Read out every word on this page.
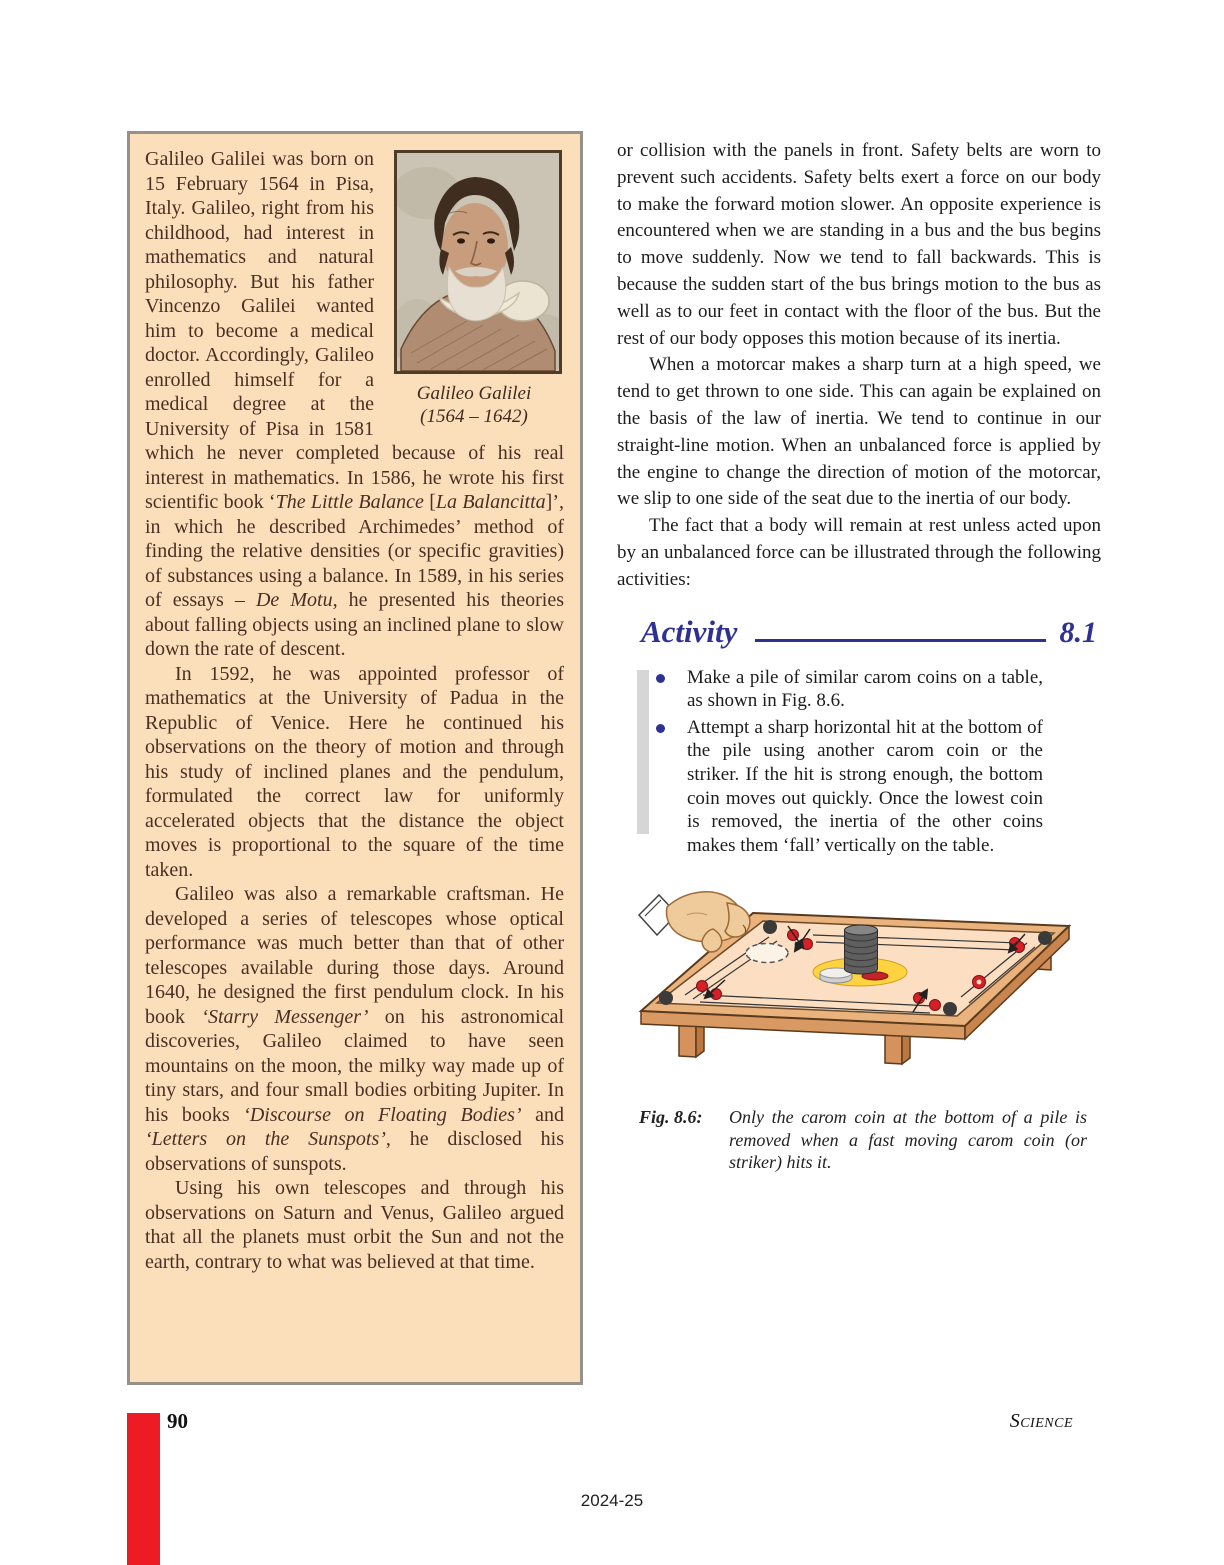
Galileo Galilei
(1564 – 1642)
Galileo Galilei was born on 15 February 1564 in Pisa, Italy. Galileo, right from his childhood, had interest in mathematics and natural philosophy. But his father Vincenzo Galilei wanted him to become a medical doctor. Accordingly, Galileo enrolled himself for a medical degree at the University of Pisa in 1581 which he never completed because of his real interest in mathematics. In 1586, he wrote his first scientific book ‘The Little Balance [La Balancitta]’, in which he described Archimedes’ method of finding the relative densities (or specific gravities) of substances using a balance. In 1589, in his series of essays – De Motu, he presented his theories about falling objects using an inclined plane to slow down the rate of descent.

In 1592, he was appointed professor of mathematics at the University of Padua in the Republic of Venice. Here he continued his observations on the theory of motion and through his study of inclined planes and the pendulum, formulated the correct law for uniformly accelerated objects that the distance the object moves is proportional to the square of the time taken.

Galileo was also a remarkable craftsman. He developed a series of telescopes whose optical performance was much better than that of other telescopes available during those days. Around 1640, he designed the first pendulum clock. In his book ‘Starry Messenger’ on his astronomical discoveries, Galileo claimed to have seen mountains on the moon, the milky way made up of tiny stars, and four small bodies orbiting Jupiter. In his books ‘Discourse on Floating Bodies’ and ‘Letters on the Sunspots’, he disclosed his observations of sunspots.

Using his own telescopes and through his observations on Saturn and Venus, Galileo argued that all the planets must orbit the Sun and not the earth, contrary to what was believed at that time.

or collision with the panels in front. Safety belts are worn to prevent such accidents. Safety belts exert a force on our body to make the forward motion slower. An opposite experience is encountered when we are standing in a bus and the bus begins to move suddenly. Now we tend to fall backwards. This is because the sudden start of the bus brings motion to the bus as well as to our feet in contact with the floor of the bus. But the rest of our body opposes this motion because of its inertia.

When a motorcar makes a sharp turn at a high speed, we tend to get thrown to one side. This can again be explained on the basis of the law of inertia. We tend to continue in our straight-line motion. When an unbalanced force is applied by the engine to change the direction of motion of the motorcar, we slip to one side of the seat due to the inertia of our body.

The fact that a body will remain at rest unless acted upon by an unbalanced force can be illustrated through the following activities:

Activity	8.1
Make a pile of similar carom coins on a table, as shown in Fig. 8.6.
Attempt a sharp horizontal hit at the bottom of the pile using another carom coin or the striker. If the hit is strong enough, the bottom coin moves out quickly. Once the lowest coin is removed, the inertia of the other coins makes them ‘fall’ vertically on the table.
Fig. 8.6:	Only the carom coin at the bottom of a pile is removed when a fast moving carom coin (or striker) hits it.
90	Science
2024-25
